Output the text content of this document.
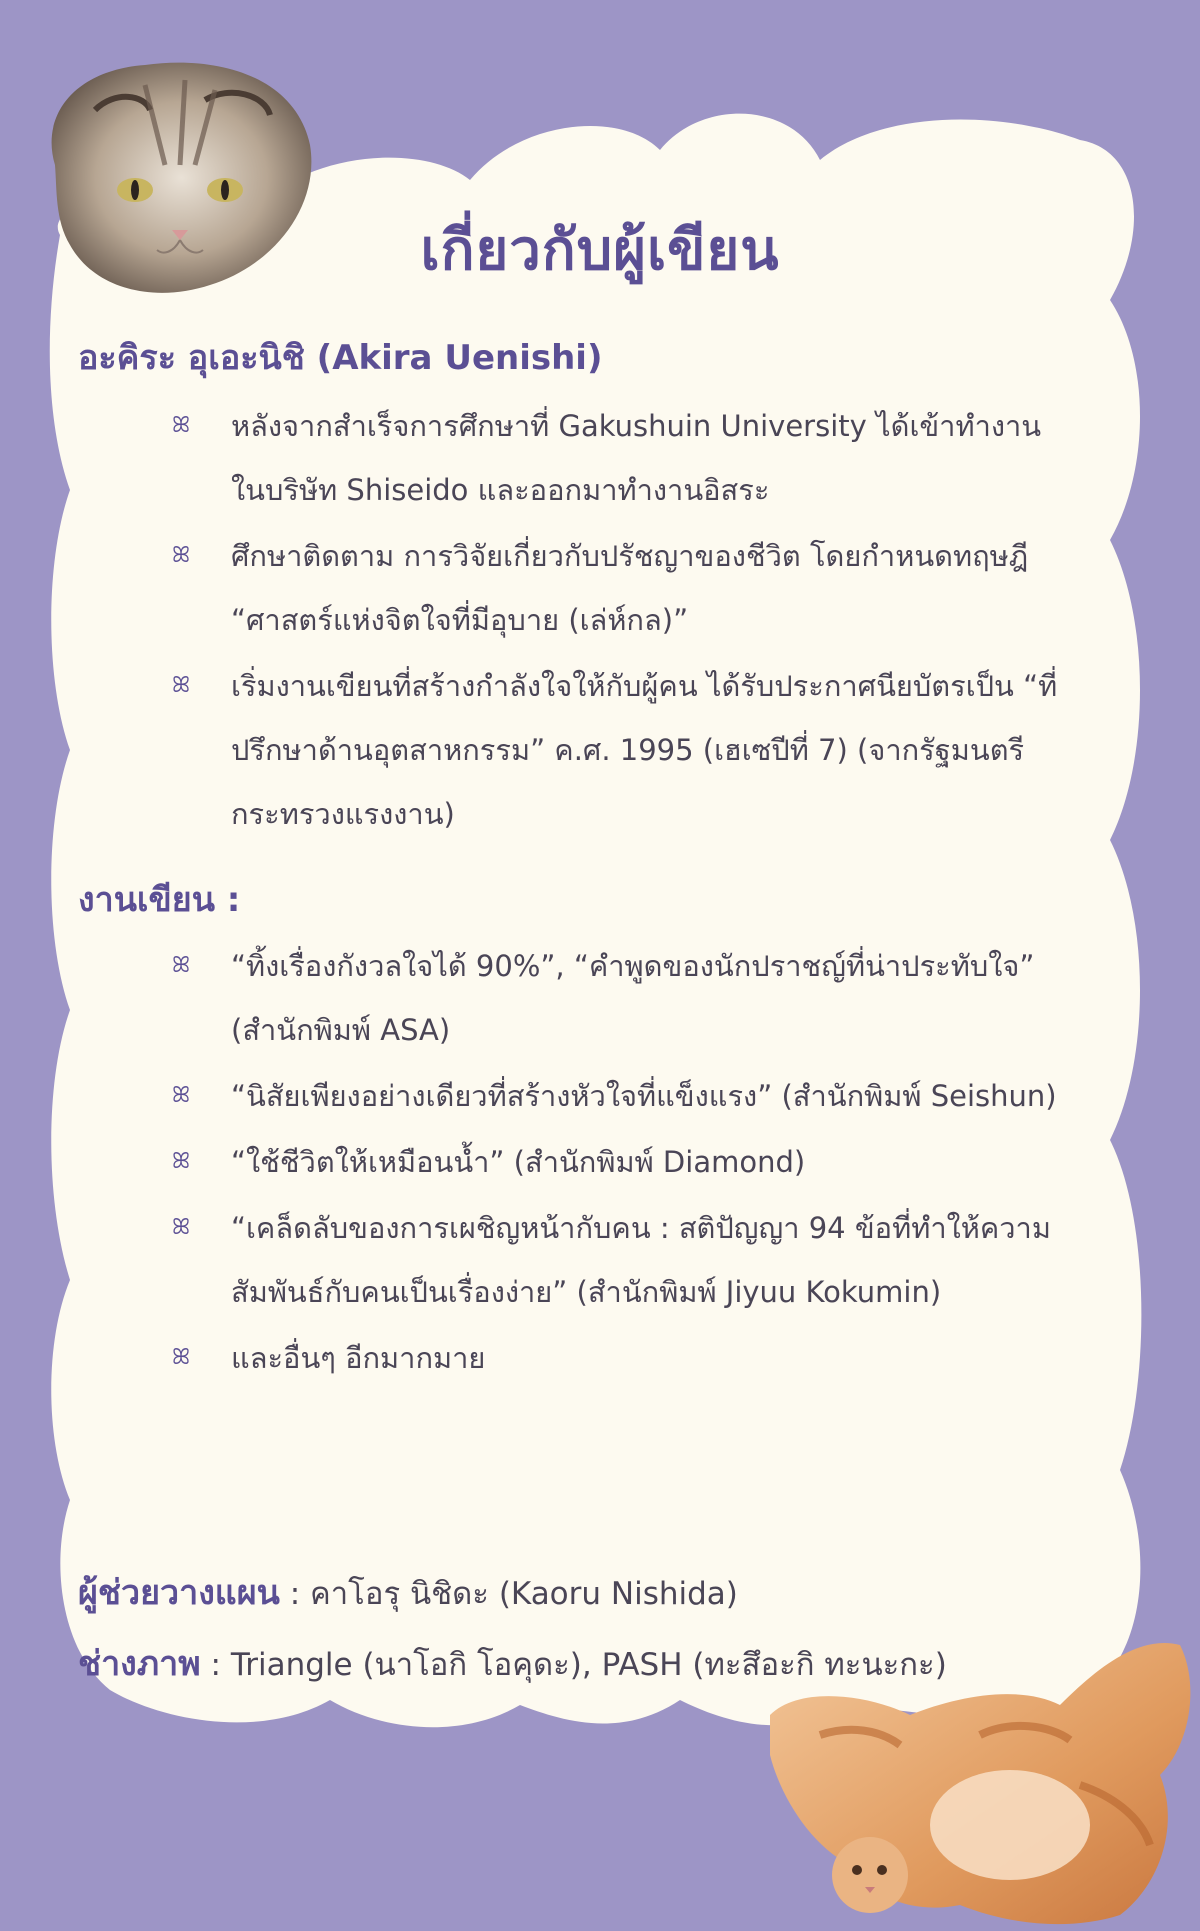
เกี่ยวกับผู้เขียน
อะคิระ อุเอะนิชิ (Akira Uenishi)
ꕤ หลังจากสำเร็จการศึกษาที่ Gakushuin University ได้เข้าทำงานในบริษัท Shiseido และออกมาทำงานอิสระ
ꕤ ศึกษาติดตาม การวิจัยเกี่ยวกับปรัชญาของชีวิต โดยกำหนดทฤษฎี “ศาสตร์แห่งจิตใจที่มีอุบาย (เล่ห์กล)”
ꕤ เริ่มงานเขียนที่สร้างกำลังใจให้กับผู้คน ได้รับประกาศนียบัตรเป็น “ที่ปรึกษาด้านอุตสาหกรรม” ค.ศ. 1995 (เฮเซปีที่ 7) (จากรัฐมนตรีกระทรวงแรงงาน)
งานเขียน :
ꕤ “ทิ้งเรื่องกังวลใจได้ 90%”, “คำพูดของนักปราชญ์ที่น่าประทับใจ” (สำนักพิมพ์ ASA)
ꕤ “นิสัยเพียงอย่างเดียวที่สร้างหัวใจที่แข็งแรง” (สำนักพิมพ์ Seishun)
ꕤ “ใช้ชีวิตให้เหมือนน้ำ” (สำนักพิมพ์ Diamond)
ꕤ “เคล็ดลับของการเผชิญหน้ากับคน : สติปัญญา 94 ข้อที่ทำให้ความสัมพันธ์กับคนเป็นเรื่องง่าย” (สำนักพิมพ์ Jiyuu Kokumin)
ꕤ และอื่นๆ อีกมากมาย
ผู้ช่วยวางแผน : คาโอรุ นิชิดะ (Kaoru Nishida)
ช่างภาพ : Triangle (นาโอกิ โอคุดะ), PASH (ทะสึอะกิ ทะนะกะ)
